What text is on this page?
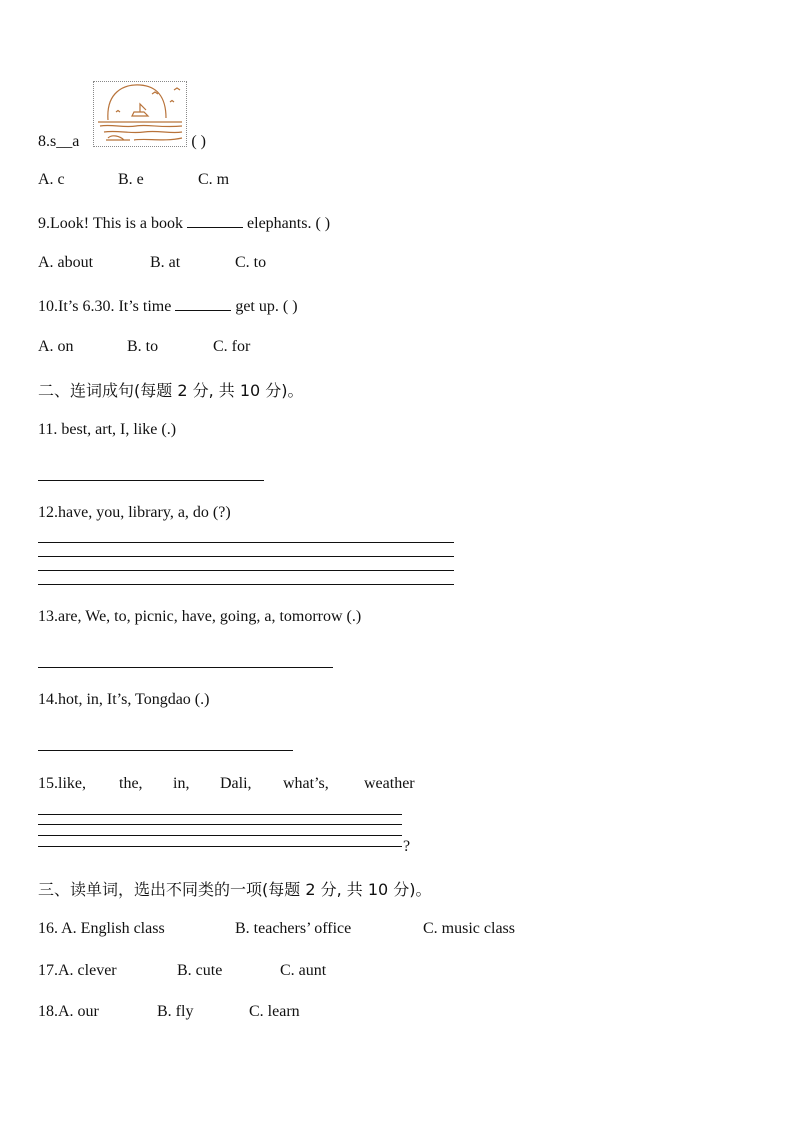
8.s__a	( )
A. c	B. e	C. m
9.Look! This is a book	elephants. ( )
A. about	B. at	C. to
10.It’s 6.30. It’s time	get up. ( )
A. on	B. to	C. for
二、连词成句(每题 2 分, 共 10 分)。
11. best, art, I, like (.)
12.have, you, library, a, do (?)
13.are, We, to, picnic, have, going, a, tomorrow (.)
14.hot, in, It’s, Tongdao (.)
15.like, the, in, Dali, what’s, weather
?
三、读单词，选出不同类的一项(每题 2 分, 共 10 分)。
16. A. English class	B. teachers’ office	C. music class
17.A. clever	B. cute	C. aunt
18.A. our	B. fly	C. learn
